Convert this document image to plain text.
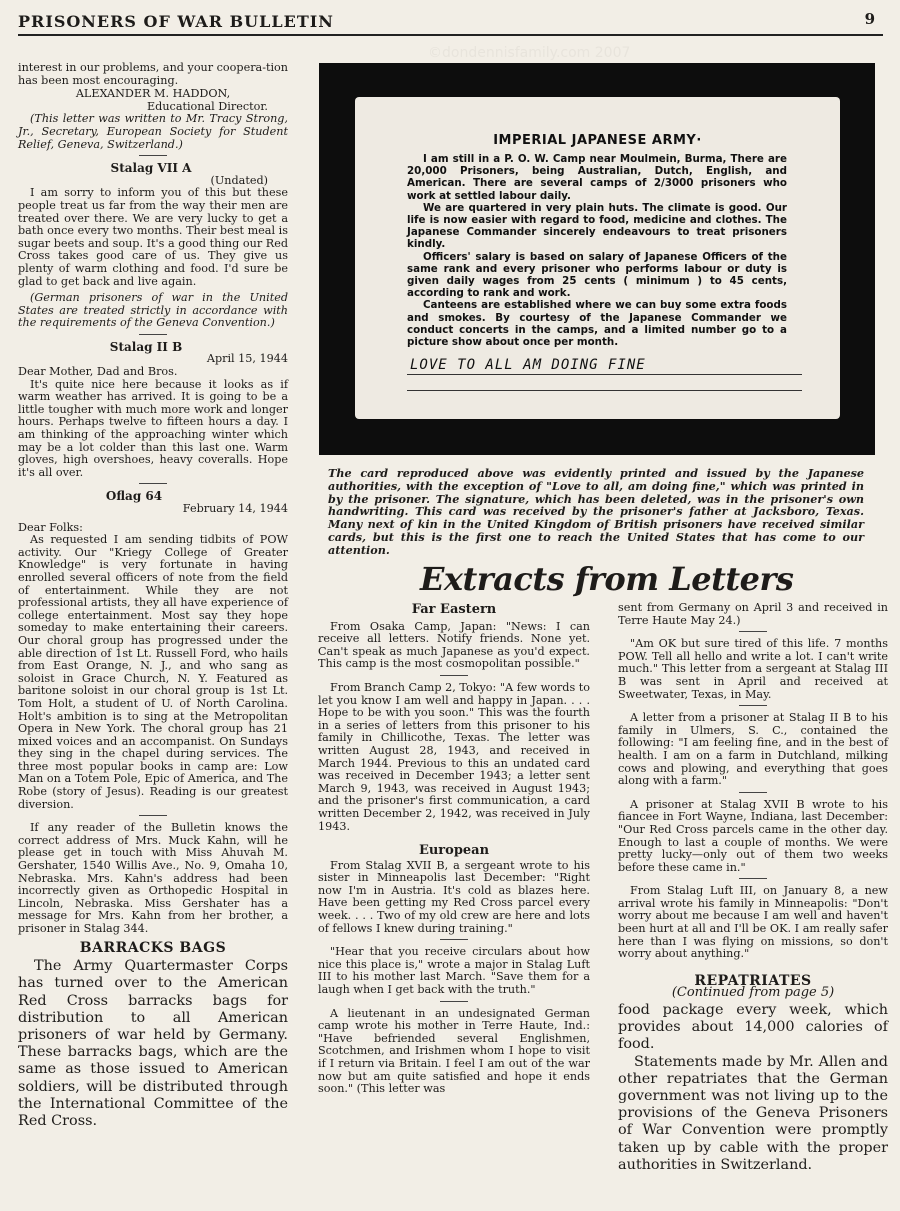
PRISONERS OF WAR BULLETIN	9

interest in our problems, and your coopera-tion has been most encouraging.

ALEXANDER M. HADDON,
Educational Director.

(This letter was written to Mr. Tracy Strong, Jr., Secretary, European Society for Student Relief, Geneva, Switzerland.)

Stalag VII A
(Undated)

I am sorry to inform you of this but these people treat us far from the way their men are treated over there. We are very lucky to get a bath once every two months. Their best meal is sugar beets and soup. It's a good thing our Red Cross takes good care of us. They give us plenty of warm clothing and food. I'd sure be glad to get back and live again.

(German prisoners of war in the United States are treated strictly in accordance with the requirements of the Geneva Convention.)

Stalag II B
April 15, 1944

Dear Mother, Dad and Bros.

It's quite nice here because it looks as if warm weather has arrived. It is going to be a little tougher with much more work and longer hours. Perhaps twelve to fifteen hours a day. I am thinking of the approaching winter which may be a lot colder than this last one. Warm gloves, high overshoes, heavy coveralls. Hope it's all over.

Oflag 64
February 14, 1944

Dear Folks:

As requested I am sending tidbits of POW activity. Our "Kriegy College of Greater Knowledge" is very fortunate in having enrolled several officers of note from the field of entertainment. While they are not professional artists, they all have experience of college entertainment. Most say they hope someday to make entertaining their careers. Our choral group has progressed under the able direction of 1st Lt. Russell Ford, who hails from East Orange, N. J., and who sang as soloist in Grace Church, N. Y. Featured as baritone soloist in our choral group is 1st Lt. Tom Holt, a student of U. of North Carolina. Holt's ambition is to sing at the Metropolitan Opera in New York. The choral group has 21 mixed voices and an accompanist. On Sundays they sing in the chapel during services. The three most popular books in camp are: Low Man on a Totem Pole, Epic of America, and The Robe (story of Jesus). Reading is our greatest diversion.

If any reader of the Bulletin knows the correct address of Mrs. Muck Kahn, will he please get in touch with Miss Ahuvah M. Gershater, 1540 Willis Ave., No. 9, Omaha 10, Nebraska. Mrs. Kahn's address had been incorrectly given as Orthopedic Hospital in Lincoln, Nebraska. Miss Gershater has a message for Mrs. Kahn from her brother, a prisoner in Stalag 344.

BARRACKS BAGS

The Army Quartermaster Corps has turned over to the American Red Cross barracks bags for distribution to all American prisoners of war held by Germany. These barracks bags, which are the same as those issued to American soldiers, will be distributed through the International Committee of the Red Cross.

©dondennisfamily.com 2007
IMPERIAL JAPANESE ARMY·

I am still in a P. O. W. Camp near Moulmein, Burma, There are 20,000 Prisoners, being Australian, Dutch, English, and American. There are several camps of 2/3000 prisoners who work at settled labour daily.

We are quartered in very plain huts. The climate is good. Our life is now easier with regard to food, medicine and clothes. The Japanese Commander sincerely endeavours to treat prisoners kindly.

Officers' salary is based on salary of Japanese Officers of the same rank and every prisoner who performs labour or duty is given daily wages from 25 cents ( minimum ) to 45 cents, according to rank and work.

Canteens are established where we can buy some extra foods and smokes. By courtesy of the Japanese Commander we conduct concerts in the camps, and a limited number go to a picture show about once per month.

LOVE TO ALL AM DOING FINE
The card reproduced above was evidently printed and issued by the Japanese authorities, with the exception of "Love to all, am doing fine," which was printed in by the prisoner. The signature, which has been deleted, was in the prisoner's own handwriting. This card was received by the prisoner's father at Jacksboro, Texas. Many next of kin in the United Kingdom of British prisoners have received similar cards, but this is the first one to reach the United States that has come to our attention.
Extracts from Letters
Far Eastern

From Osaka Camp, Japan: "News: I can receive all letters. Notify friends. None yet. Can't speak as much Japanese as you'd expect. This camp is the most cosmopolitan possible."

From Branch Camp 2, Tokyo: "A few words to let you know I am well and happy in Japan. . . . Hope to be with you soon." This was the fourth in a series of letters from this prisoner to his family in Chillicothe, Texas. The letter was written August 28, 1943, and received in March 1944. Previous to this an undated card was received in December 1943; a letter sent March 9, 1943, was received in August 1943; and the prisoner's first communication, a card written December 2, 1942, was received in July 1943.

European

From Stalag XVII B, a sergeant wrote to his sister in Minneapolis last December: "Right now I'm in Austria. It's cold as blazes here. Have been getting my Red Cross parcel every week. . . . Two of my old crew are here and lots of fellows I knew during training."

"Hear that you receive circulars about how nice this place is," wrote a major in Stalag Luft III to his mother last March. "Save them for a laugh when I get back with the truth."

A lieutenant in an undesignated German camp wrote his mother in Terre Haute, Ind.: "Have befriended several Englishmen, Scotchmen, and Irishmen whom I hope to visit if I return via Britain. I feel I am out of the war now but am quite satisfied and hope it ends soon." (This letter was

sent from Germany on April 3 and received in Terre Haute May 24.)

"Am OK but sure tired of this life. 7 months POW. Tell all hello and write a lot. I can't write much." This letter from a sergeant at Stalag III B was sent in April and received at Sweetwater, Texas, in May.

A letter from a prisoner at Stalag II B to his family in Ulmers, S. C., contained the following: "I am feeling fine, and in the best of health. I am on a farm in Dutchland, milking cows and plowing, and everything that goes along with a farm."

A prisoner at Stalag XVII B wrote to his fiancee in Fort Wayne, Indiana, last December: "Our Red Cross parcels came in the other day. Enough to last a couple of months. We were pretty lucky—only out of them two weeks before these came in."

From Stalag Luft III, on January 8, a new arrival wrote his family in Minneapolis: "Don't worry about me because I am well and haven't been hurt at all and I'll be OK. I am really safer here than I was flying on missions, so don't worry about anything."

REPATRIATES
(Continued from page 5)

food package every week, which provides about 14,000 calories of food.

Statements made by Mr. Allen and other repatriates that the German government was not living up to the provisions of the Geneva Prisoners of War Convention were promptly taken up by cable with the proper authorities in Switzerland.
